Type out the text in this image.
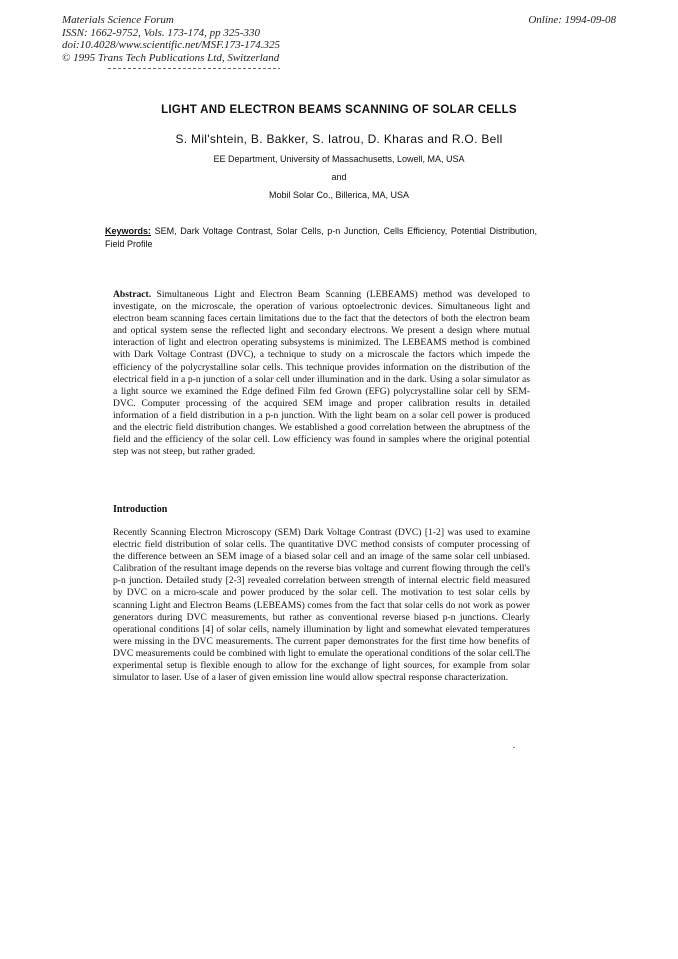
Materials Science Forum
ISSN: 1662-9752, Vols. 173-174, pp 325-330
doi:10.4028/www.scientific.net/MSF.173-174.325
© 1995 Trans Tech Publications Ltd, Switzerland
Online: 1994-09-08
LIGHT AND ELECTRON BEAMS SCANNING OF SOLAR CELLS
S. Mil'shtein, B. Bakker, S. Iatrou, D. Kharas and R.O. Bell
EE Department, University of Massachusetts, Lowell, MA, USA
and
Mobil Solar Co., Billerica, MA, USA
Keywords: SEM, Dark Voltage Contrast, Solar Cells, p-n Junction, Cells Efficiency, Potential Distribution, Field Profile
Abstract. Simultaneous Light and Electron Beam Scanning (LEBEAMS) method was developed to investigate, on the microscale, the operation of various optoelectronic devices. Simultaneous light and electron beam scanning faces certain limitations due to the fact that the detectors of both the electron beam and optical system sense the reflected light and secondary electrons. We present a design where mutual interaction of light and electron operating subsystems is minimized. The LEBEAMS method is combined with Dark Voltage Contrast (DVC), a technique to study on a microscale the factors which impede the efficiency of the polycrystalline solar cells. This technique provides information on the distribution of the electrical field in a p-n junction of a solar cell under illumination and in the dark. Using a solar simulator as a light source we examined the Edge defined Film fed Grown (EFG) polycrystalline solar cell by SEM-DVC. Computer processing of the acquired SEM image and proper calibration results in detailed information of a field distribution in a p-n junction. With the light beam on a solar cell power is produced and the electric field distribution changes. We established a good correlation between the abruptness of the field and the efficiency of the solar cell. Low efficiency was found in samples where the original potential step was not steep, but rather graded.
Introduction
Recently Scanning Electron Microscopy (SEM) Dark Voltage Contrast (DVC) [1-2] was used to examine electric field distribution of solar cells. The quantitative DVC method consists of computer processing of the difference between an SEM image of a biased solar cell and an image of the same solar cell unbiased. Calibration of the resultant image depends on the reverse bias voltage and current flowing through the cell's p-n junction. Detailed study [2-3] revealed correlation between strength of internal electric field measured by DVC on a micro-scale and power produced by the solar cell. The motivation to test solar cells by scanning Light and Electron Beams (LEBEAMS) comes from the fact that solar cells do not work as power generators during DVC measurements, but rather as conventional reverse biased p-n junctions. Clearly operational conditions [4] of solar cells, namely illumination by light and somewhat elevated temperatures were missing in the DVC measurements. The current paper demonstrates for the first time how benefits of DVC measurements could be combined with light to emulate the operational conditions of the solar cell.The experimental setup is flexible enough to allow for the exchange of light sources, for example from solar simulator to laser. Use of a laser of given emission line would allow spectral response characterization.
